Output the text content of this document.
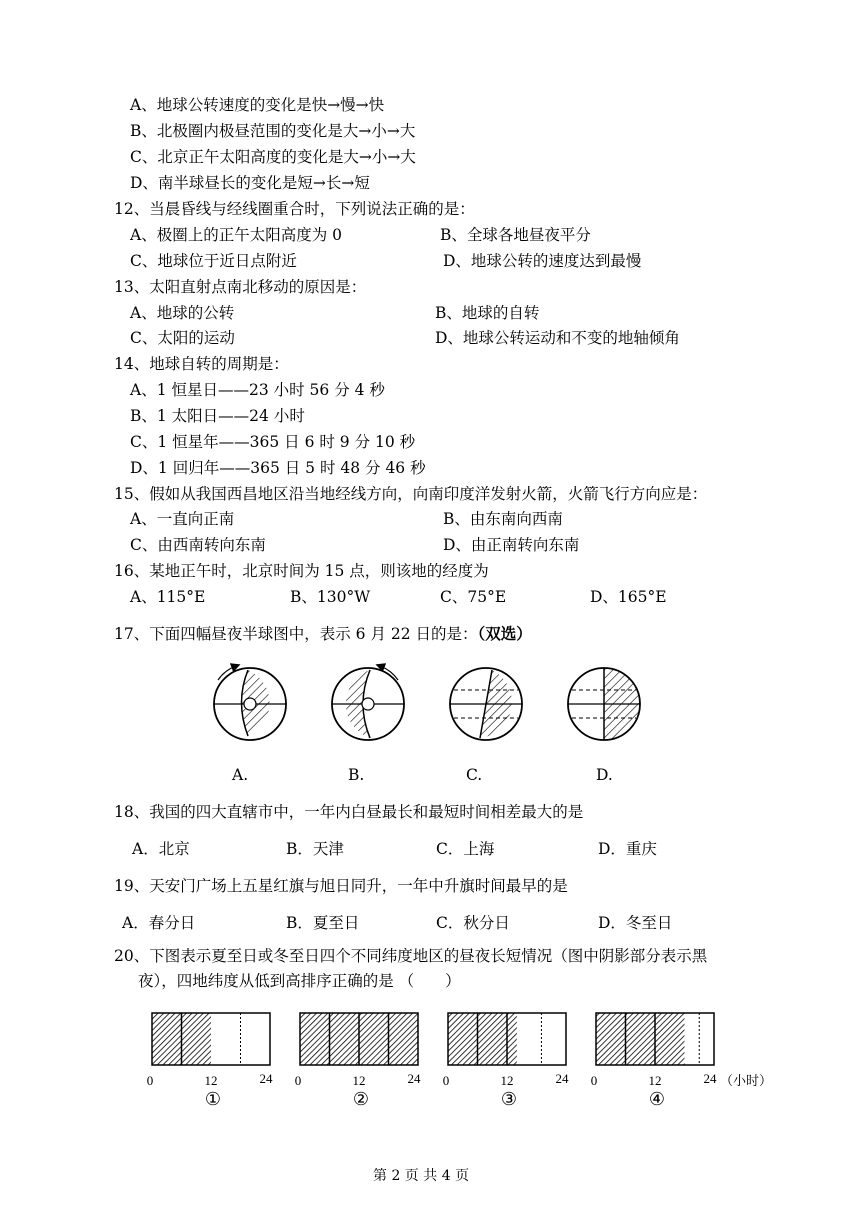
A、地球公转速度的变化是快→慢→快
B、北极圈内极昼范围的变化是大→小→大
C、北京正午太阳高度的变化是大→小→大
D、南半球昼长的变化是短→长→短
12、当晨昏线与经线圈重合时，下列说法正确的是：
A、极圈上的正午太阳高度为 0	B、全球各地昼夜平分
C、地球位于近日点附近	D、地球公转的速度达到最慢
13、太阳直射点南北移动的原因是：
A、地球的公转	B、地球的自转
C、太阳的运动	D、地球公转运动和不变的地轴倾角
14、地球自转的周期是：
A、1 恒星日——23 小时 56 分 4 秒
B、1 太阳日——24 小时
C、1 恒星年——365 日 6 时 9 分 10 秒
D、1 回归年——365 日 5 时 48 分 46 秒
15、假如从我国西昌地区沿当地经线方向，向南印度洋发射火箭，火箭飞行方向应是：
A、一直向正南	B、由东南向西南
C、由西南转向东南	D、由正南转向东南
16、某地正午时，北京时间为 15 点，则该地的经度为
A、115°E	B、130°W	C、75°E	D、165°E
17、下面四幅昼夜半球图中，表示 6 月 22 日的是：（双选）
A.	B.	C.	D.
18、我国的四大直辖市中，一年内白昼最长和最短时间相差最大的是
A．北京	B．天津	C．上海	D．重庆
19、天安门广场上五星红旗与旭日同升，一年中升旗时间最早的是
A．春分日	B．夏至日	C．秋分日	D．冬至日
20、下图表示夏至日或冬至日四个不同纬度地区的昼夜长短情况（图中阴影部分表示黑
夜），四地纬度从低到高排序正确的是 （　　）
0	12	24
①
0	12	24
②
0	12	24
③
0	12	24
④
（小时）
第 2 页 共 4 页
